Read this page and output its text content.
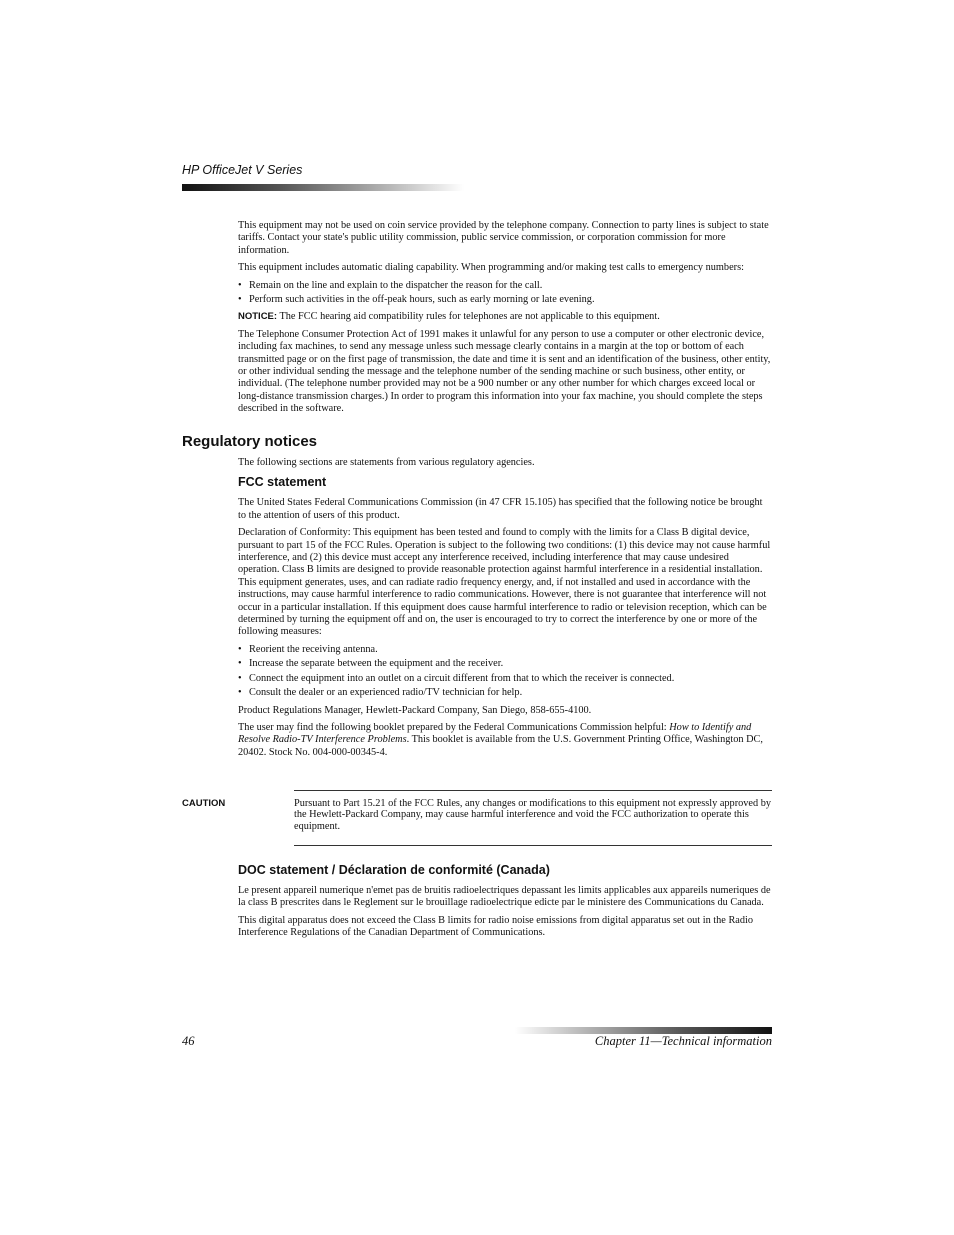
HP OfficeJet V Series

This equipment may not be used on coin service provided by the telephone company. Connection to party lines is subject to state tariffs. Contact your state's public utility commission, public service commission, or corporation commission for more information.

This equipment includes automatic dialing capability. When programming and/or making test calls to emergency numbers:

• Remain on the line and explain to the dispatcher the reason for the call.
• Perform such activities in the off-peak hours, such as early morning or late evening.

NOTICE: The FCC hearing aid compatibility rules for telephones are not applicable to this equipment.

The Telephone Consumer Protection Act of 1991 makes it unlawful for any person to use a computer or other electronic device, including fax machines, to send any message unless such message clearly contains in a margin at the top or bottom of each transmitted page or on the first page of transmission, the date and time it is sent and an identification of the business, other entity, or other individual sending the message and the telephone number of the sending machine or such business, other entity, or individual. (The telephone number provided may not be a 900 number or any other number for which charges exceed local or long-distance transmission charges.) In order to program this information into your fax machine, you should complete the steps described in the software.

Regulatory notices

The following sections are statements from various regulatory agencies.

FCC statement

The United States Federal Communications Commission (in 47 CFR 15.105) has specified that the following notice be brought to the attention of users of this product.

Declaration of Conformity: This equipment has been tested and found to comply with the limits for a Class B digital device, pursuant to part 15 of the FCC Rules. Operation is subject to the following two conditions: (1) this device may not cause harmful interference, and (2) this device must accept any interference received, including interference that may cause undesired operation. Class B limits are designed to provide reasonable protection against harmful interference in a residential installation. This equipment generates, uses, and can radiate radio frequency energy, and, if not installed and used in accordance with the instructions, may cause harmful interference to radio communications. However, there is not guarantee that interference will not occur in a particular installation. If this equipment does cause harmful interference to radio or television reception, which can be determined by turning the equipment off and on, the user is encouraged to try to correct the interference by one or more of the following measures:

• Reorient the receiving antenna.
• Increase the separate between the equipment and the receiver.
• Connect the equipment into an outlet on a circuit different from that to which the receiver is connected.
• Consult the dealer or an experienced radio/TV technician for help.

Product Regulations Manager, Hewlett-Packard Company, San Diego, 858-655-4100.

The user may find the following booklet prepared by the Federal Communications Commission helpful: How to Identify and Resolve Radio-TV Interference Problems. This booklet is available from the U.S. Government Printing Office, Washington DC, 20402. Stock No. 004-000-00345-4.

CAUTION	Pursuant to Part 15.21 of the FCC Rules, any changes or modifications to this equipment not expressly approved by the Hewlett-Packard Company, may cause harmful interference and void the FCC authorization to operate this equipment.
DOC statement / Déclaration de conformité (Canada)

Le present appareil numerique n'emet pas de bruitis radioelectriques depassant les limits applicables aux appareils numeriques de la class B prescrites dans le Reglement sur le brouillage radioelectrique edicte par le ministere des Communications du Canada.

This digital apparatus does not exceed the Class B limits for radio noise emissions from digital apparatus set out in the Radio Interference Regulations of the Canadian Department of Communications.

46	Chapter 11—Technical information
